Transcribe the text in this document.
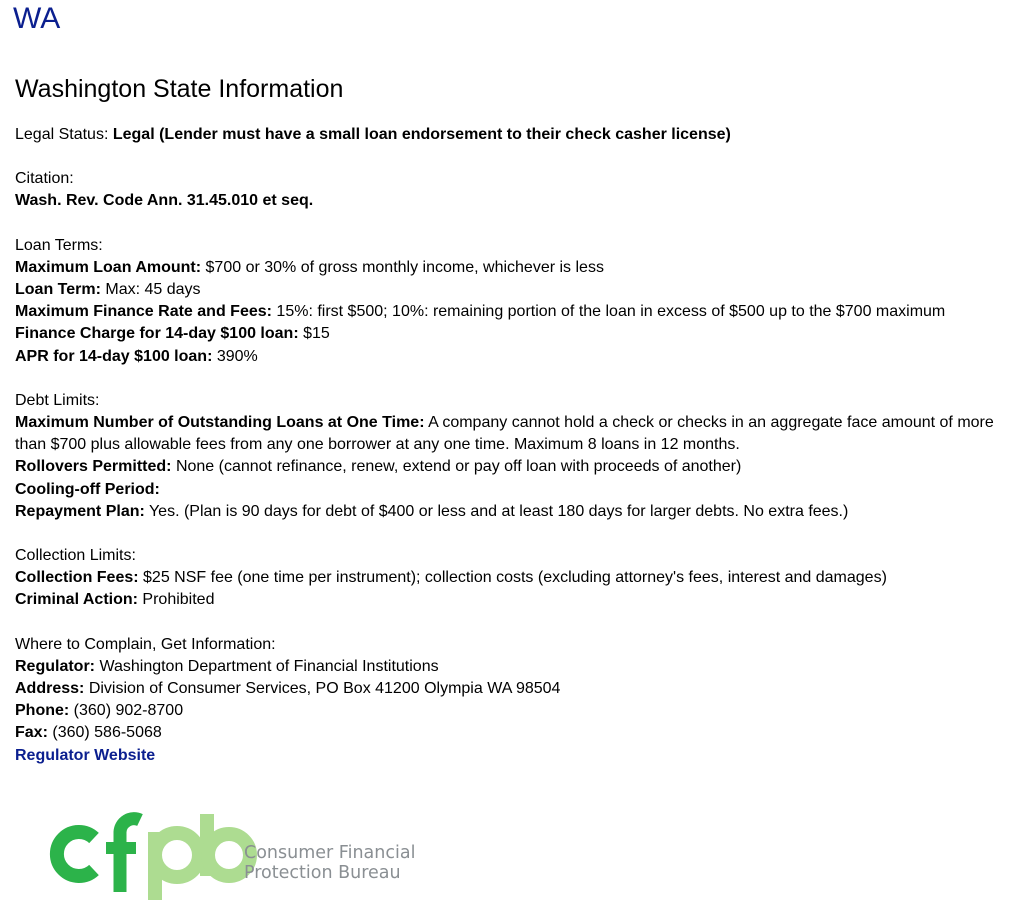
WA
Washington State Information
Legal Status: Legal (Lender must have a small loan endorsement to their check casher license)
Citation:
Wash. Rev. Code Ann. 31.45.010 et seq.
Loan Terms:
Maximum Loan Amount: $700 or 30% of gross monthly income, whichever is less
Loan Term: Max: 45 days
Maximum Finance Rate and Fees: 15%: first $500; 10%: remaining portion of the loan in excess of $500 up to the $700 maximum
Finance Charge for 14-day $100 loan: $15
APR for 14-day $100 loan: 390%
Debt Limits:
Maximum Number of Outstanding Loans at One Time: A company cannot hold a check or checks in an aggregate face amount of more than $700 plus allowable fees from any one borrower at any one time. Maximum 8 loans in 12 months.
Rollovers Permitted: None (cannot refinance, renew, extend or pay off loan with proceeds of another)
Cooling-off Period:
Repayment Plan: Yes. (Plan is 90 days for debt of $400 or less and at least 180 days for larger debts. No extra fees.)
Collection Limits:
Collection Fees: $25 NSF fee (one time per instrument); collection costs (excluding attorney's fees, interest and damages)
Criminal Action: Prohibited
Where to Complain, Get Information:
Regulator: Washington Department of Financial Institutions
Address: Division of Consumer Services, PO Box 41200 Olympia WA 98504
Phone: (360) 902-8700
Fax: (360) 586-5068
Regulator Website
Consumer Financial
Protection Bureau
